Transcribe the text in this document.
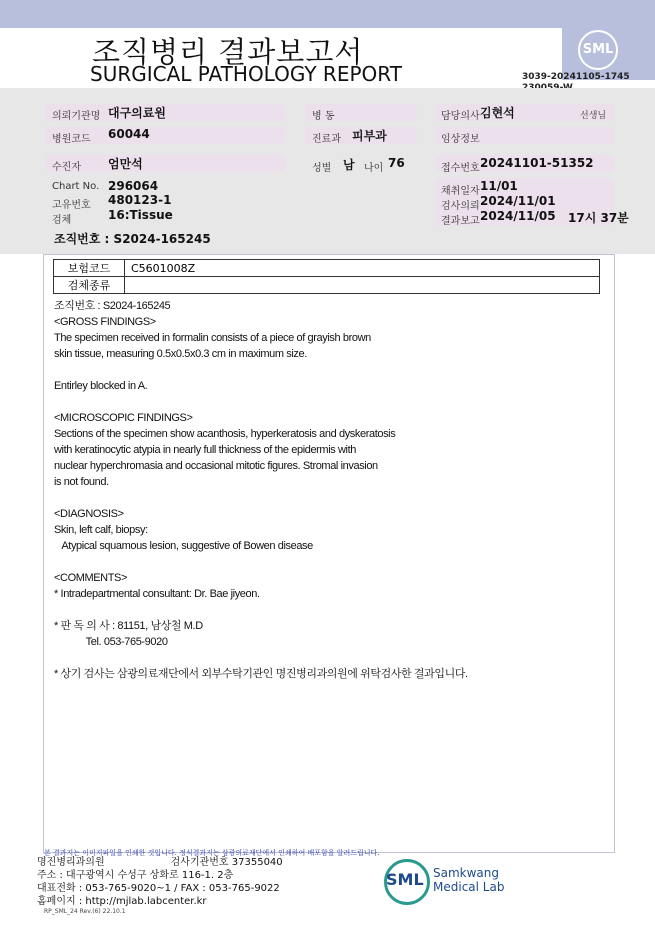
조직병리 결과보고서
SURGICAL PATHOLOGY REPORT
SML
3039-20241105-1745
의뢰기관명 대구의료원	병 동	담당의사 김현석	선생님
병원코드 60044	진료과 피부과	임상정보
수진자 엄만석	성별 남 나이 76	접수번호 20241101-51352
Chart No. 296064
고유번호 480123-1
검체	16:Tissue
채취일자 11/01
검사의뢰 2024/11/01
결과보고 2024/11/05 17시 37분
조직번호 : S2024-165245
보험코드	C5601008Z
검체종류	
조직번호 : S2024-165245
<GROSS FINDINGS>
The specimen received in formalin consists of a piece of grayish brown
skin tissue, measuring 0.5x0.5x0.3 cm in maximum size.

Entirley blocked in A.

<MICROSCOPIC FINDINGS>
Sections of the specimen show acanthosis, hyperkeratosis and dyskeratosis
with keratinocytic atypia in nearly full thickness of the epidermis with
nuclear hyperchromasia and occasional mitotic figures. Stromal invasion
is not found.

<DIAGNOSIS>
Skin, left calf, biopsy:
Atypical squamous lesion, suggestive of Bowen disease

<COMMENTS>
* Intradepartmental consultant: Dr. Bae jiyeon.

* 판 독 의 사 : 81151, 남상철 M.D
Tel. 053-765-9020

* 상기 검사는 삼광의료재단에서 외부수탁기관인 명진병리과의원에 위탁검사한 결과입니다.
본 결과지는 이미지파일을 인쇄한 것입니다. 정식결과지는 삼광의료재단에서 인쇄하여 배포함을 알려드립니다.
명진병리과의원	검사기관번호 37355040
주소 : 대구광역시 수성구 상화로 116-1. 2층
대표전화 : 053-765-9020~1 / FAX : 053-765-9022
홈페이지 : http://mjlab.labcenter.kr
RP_SML_24 Rev.(6) 22.10.1
SML Samkwang
Medical Lab
